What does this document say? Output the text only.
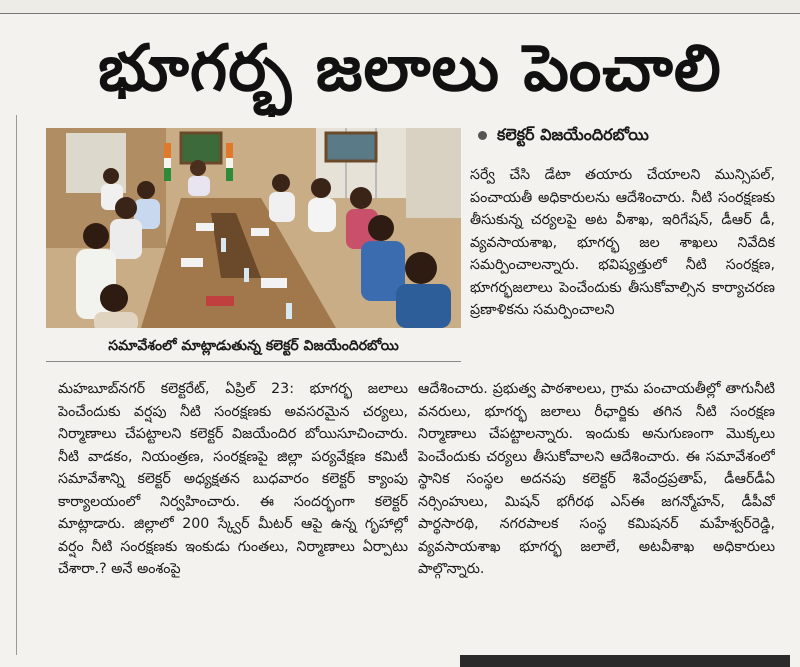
భూగర్భ జలాలు పెంచాలి
సమావేశంలో మాట్లాడుతున్న కలెక్టర్ విజయేందిరబోయి
కలెక్టర్ విజయేందిరబోయి
సర్వే చేసి డేటా తయారు చేయాలని మున్సిపల్, పంచాయతీ అధికారులను ఆదేశించారు. నీటి సంరక్షణకు తీసుకున్న చర్యలపై అట వీశాఖ, ఇరిగేషన్, డీఆర్ డీ, వ్యవసాయశాఖ, భూగర్భ జల శాఖలు నివేదిక సమర్పించాలన్నారు. భవిష్యత్తులో నీటి సంరక్షణ, భూగర్భజలాలు పెంచేందుకు తీసుకోవాల్సిన కార్యాచరణ ప్రణాళికను సమర్పించాలని
మహబూబ్‌నగర్ కలెక్టరేట్, ఏప్రిల్ 23: భూగర్భ జలాలు పెంచేందుకు వర్షపు నీటి సంరక్షణకు అవసరమైన చర్యలు, నిర్మాణాలు చేపట్టాలని కలెక్టర్ విజయేందిర బోయిసూచించారు. నీటి వాడకం, నియంత్రణ, సంరక్షణపై జిల్లా పర్యవేక్షణ కమిటీ సమావేశాన్ని కలెక్టర్ అధ్యక్షతన బుధవారం కలెక్టర్ క్యాంపు కార్యాలయంలో నిర్వహించారు. ఈ సందర్భంగా కలెక్టర్ మాట్లాడారు. జిల్లాలో 200 స్క్వేర్ మీటర్ ఆపై ఉన్న గృహాల్లో వర్షం నీటి సంరక్షణకు ఇంకుడు గుంతలు, నిర్మాణాలు ఏర్పాటు చేశారా.? అనే అంశంపై
ఆదేశించారు. ప్రభుత్వ పాఠశాలలు, గ్రామ పంచాయతీల్లో తాగునీటి వనరులు, భూగర్భ జలాలు రీఛార్జికు తగిన నీటి సంరక్షణ నిర్మాణాలు చేపట్టాలన్నారు. ఇందుకు అనుగుణంగా మొక్కలు పెంచేందుకు చర్యలు తీసుకోవాలని ఆదేశించారు. ఈ సమావేశంలో స్థానిక సంస్థల అదనపు కలెక్టర్ శివేంద్రప్రతాప్, డీఆర్‌డీఏ నర్సింహులు, మిషన్ భగీరథ ఎస్ఈ జగన్మోహన్, డీపీవో పార్థసారథి, నగరపాలక సంస్థ కమిషనర్ మహేశ్వర్‌రెడ్డి, వ్యవసాయశాఖ భూగర్భ జలాలే, అటవీశాఖ అధికారులు పాల్గొన్నారు.
